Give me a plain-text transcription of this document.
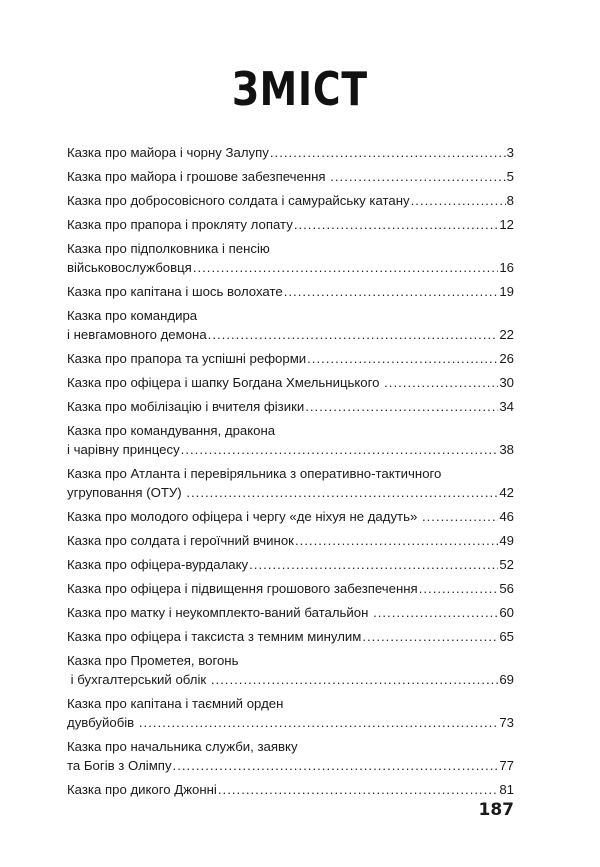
ЗМІСТ
Казка про майора і чорну Залупу .....	3
Казка про майора і грошове забезпечення .....	5
Казка про добросовісного солдата і самурайську катану .....	8
Казка про прапора і прокляту лопату .....	12
Казка про підполковника і пенсію
військовослужбовця .....	16
Казка про капітана і шось волохате .....	19
Казка про командира
і невгамовного демона .....	22
Казка про прапора та успішні реформи .....	26
Казка про офіцера і шапку Богдана Хмельницького .....	30
Казка про мобілізацію і вчителя фізики .....	34
Казка про командування, дракона
і чарівну принцесу .....	38
Казка про Атланта і перевіряльника з оперативно-тактичного
угруповання (ОТУ) .....	42
Казка про молодого офіцера і чергу «де ніхуя не дадуть» .....	46
Казка про солдата і героїчний вчинок .....	49
Казка про офіцера-вурдалаку .....	52
Казка про офіцера і підвищення грошового забезпечення .....	56
Казка про матку і неукомплекто-ваний батальйон .....	60
Казка про офіцера і таксиста з темним минулим .....	65
Казка про Прометея, вогонь
і бухгалтерський облік .....	69
Казка про капітана і таємний орден
дувбуйобів .....	73
Казка про начальника служби, заявку
та Богів з Олімпу .....	77
Казка про дикого Джонні .....	81
187
